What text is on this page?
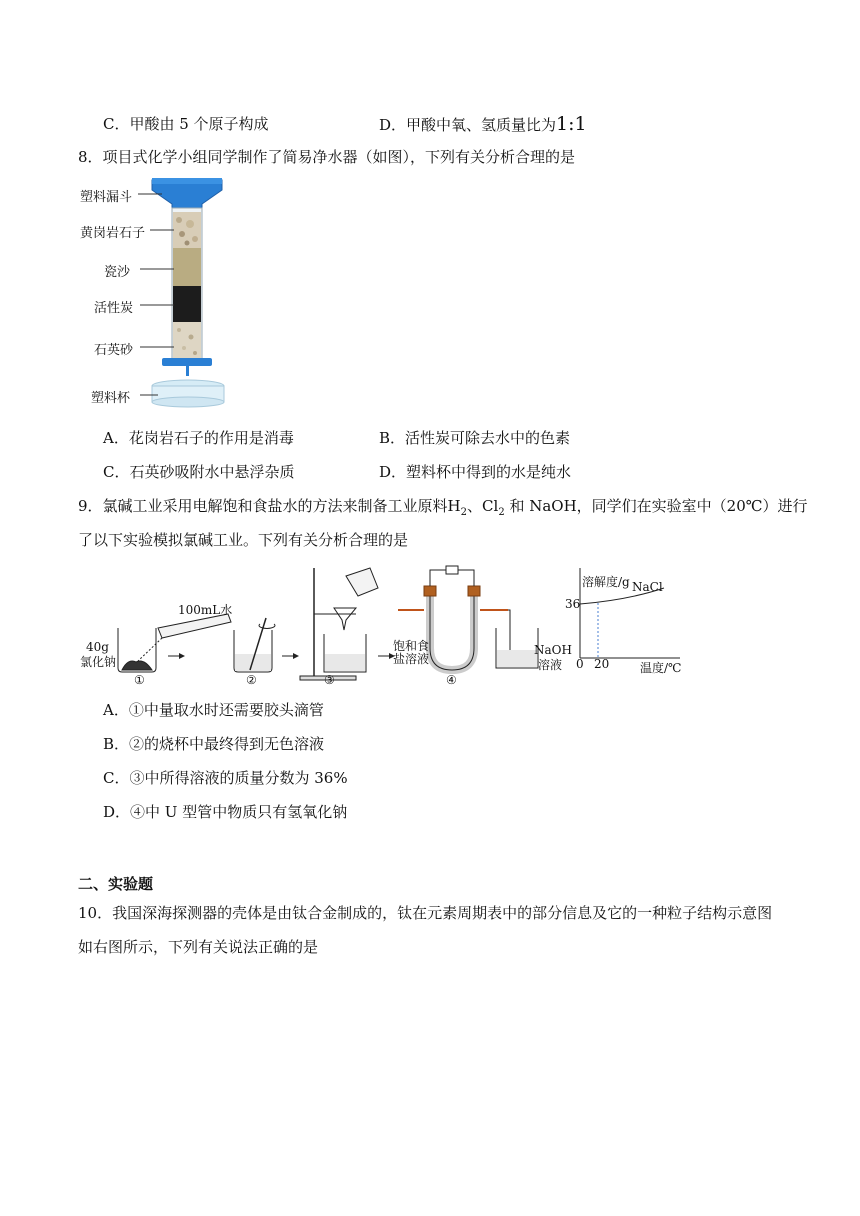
C．甲酸由 5 个原子构成	D．甲酸中氧、氢质量比为1:1
8．项目式化学小组同学制作了简易净水器（如图），下列有关分析合理的是
塑料漏斗
黄岗岩石子
瓷沙
活性炭
石英砂
塑料杯
A．花岗岩石子的作用是消毒	B．活性炭可除去水中的色素
C．石英砂吸附水中悬浮杂质	D．塑料杯中得到的水是纯水
9．氯碱工业采用电解饱和食盐水的方法来制备工业原料$H_2$、$Cl_2$ 和 NaOH，同学们在实验室中（20℃）进行
了以下实验模拟氯碱工业。下列有关分析合理的是
100mL水
40g
氯化钠
①	②	③	④
饱和食
盐溶液
NaOH
溶液
溶解度/g NaCl
36
0 20	温度/℃
A．①中量取水时还需要胶头滴管
B．②的烧杯中最终得到无色溶液
C．③中所得溶液的质量分数为 36%
D．④中 U 型管中物质只有氢氧化钠
二、实验题
10．我国深海探测器的壳体是由钛合金制成的，钛在元素周期表中的部分信息及它的一种粒子结构示意图
如右图所示，下列有关说法正确的是
